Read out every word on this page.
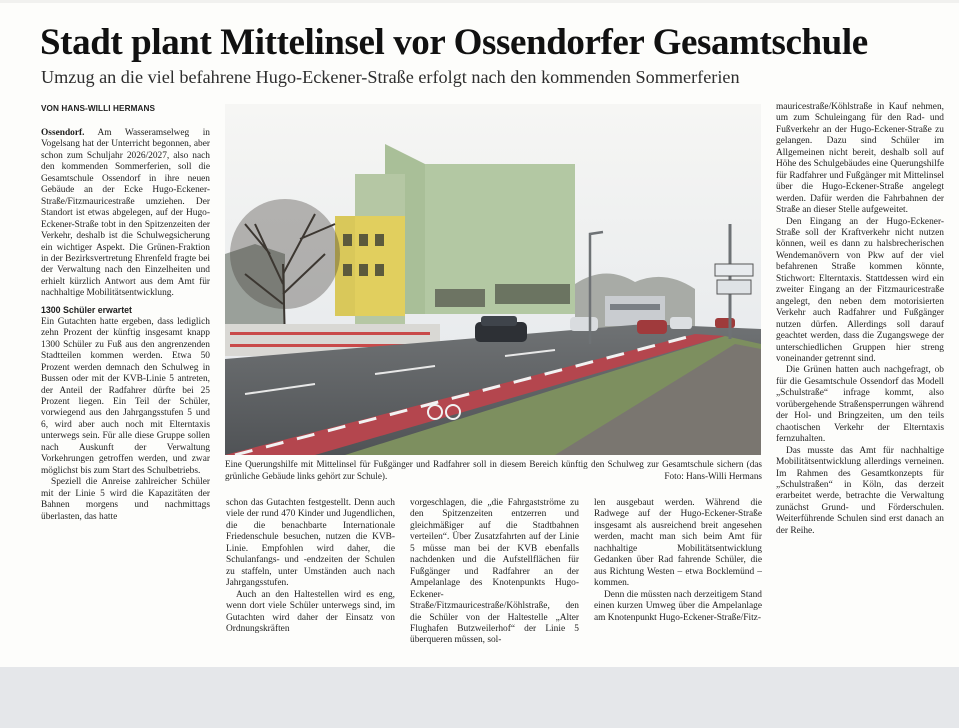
Stadt plant Mittelinsel vor Ossendorfer Gesamtschule
Umzug an die viel befahrene Hugo-Eckener-Straße erfolgt nach den kommenden Sommerferien
VON HANS-WILLI HERMANS

Ossendorf. Am Wasseramselweg in Vogelsang hat der Unterricht begonnen, aber schon zum Schuljahr 2026/2027, also nach den kommenden Sommerferien, soll die Gesamtschule Ossendorf in ihre neuen Gebäude an der Ecke Hugo-Eckener-Straße/Fitzmauricestraße umziehen. Der Standort ist etwas abgelegen, auf der Hugo-Eckener-Straße tobt in den Spitzenzeiten der Verkehr, deshalb ist die Schulwegsicherung ein wichtiger Aspekt. Die Grünen-Fraktion in der Bezirksvertretung Ehrenfeld fragte bei der Verwaltung nach den Einzelheiten und erhielt kürzlich Antwort aus dem Amt für nachhaltige Mobilitätsentwicklung.

1300 Schüler erwartet

Ein Gutachten hatte ergeben, dass lediglich zehn Prozent der künftig insgesamt knapp 1300 Schüler zu Fuß aus den angrenzenden Stadtteilen kommen werden. Etwa 50 Prozent werden demnach den Schulweg in Bussen oder mit der KVB-Linie 5 antreten, der Anteil der Radfahrer dürfte bei 25 Prozent liegen. Ein Teil der Schüler, vorwiegend aus den Jahrgangsstufen 5 und 6, wird aber auch noch mit Elterntaxis unterwegs sein. Für alle diese Gruppe sollen nach Auskunft der Verwaltung Vorkehrungen getroffen werden, und zwar möglichst bis zum Start des Schulbetriebs.

Speziell die Anreise zahlreicher Schüler mit der Linie 5 wird die Kapazitäten der Bahnen morgens und nachmittags überlasten, das hatte

Eine Querungshilfe mit Mittelinsel für Fußgänger und Radfahrer soll in diesem Bereich künftig den Schulweg zur Gesamtschule sichern (das grünliche Gebäude links gehört zur Schule).	Foto: Hans-Willi Hermans

schon das Gutachten festgestellt. Denn auch viele der rund 470 Kinder und Jugendlichen, die die benachbarte Internationale Friedenschule besuchen, nutzen die KVB-Linie. Empfohlen wird daher, die Schulanfangs- und -endzeiten der Schulen zu staffeln, unter Umständen auch nach Jahrgangsstufen.

Auch an den Haltestellen wird es eng, wenn dort viele Schüler unterwegs sind, im Gutachten wird daher der Einsatz von Ordnungskräften

vorgeschlagen, die „die Fahrgastströme zu den Spitzenzeiten entzerren und gleichmäßiger auf die Stadtbahnen verteilen“. Über Zusatzfahrten auf der Linie 5 müsse man bei der KVB ebenfalls nachdenken und die Aufstellflächen für Fußgänger und Radfahrer an der Ampelanlage des Knotenpunkts Hugo-Eckener-Straße/Fitzmauricestraße/Köhlstraße, den die Schüler von der Haltestelle „Alter Flughafen Butzweilerhof“ der Linie 5 überqueren müssen, sol-

len ausgebaut werden. Während die Radwege auf der Hugo-Eckener-Straße insgesamt als ausreichend breit angesehen werden, macht man sich beim Amt für nachhaltige Mobilitätsentwicklung Gedanken über Rad fahrende Schüler, die aus Richtung Westen – etwa Bocklemünd – kommen.

Denn die müssten nach derzeitigem Stand einen kurzen Umweg über die Ampelanlage am Knotenpunkt Hugo-Eckener-Straße/Fitz-

mauricestraße/Köhlstraße in Kauf nehmen, um zum Schuleingang für den Rad- und Fußverkehr an der Hugo-Eckener-Straße zu gelangen. Dazu sind Schüler im Allgemeinen nicht bereit, deshalb soll auf Höhe des Schulgebäudes eine Querungshilfe für Radfahrer und Fußgänger mit Mittelinsel über die Hugo-Eckener-Straße angelegt werden. Dafür werden die Fahrbahnen der Straße an dieser Stelle aufgeweitet.

Den Eingang an der Hugo-Eckener-Straße soll der Kraftverkehr nicht nutzen können, weil es dann zu halsbrecherischen Wendemanövern von Pkw auf der viel befahrenen Straße kommen könnte, Stichwort: Elterntaxis. Stattdessen wird ein zweiter Eingang an der Fitzmauricestraße angelegt, den neben dem motorisierten Verkehr auch Radfahrer und Fußgänger nutzen dürfen. Allerdings soll darauf geachtet werden, dass die Zugangswege der unterschiedlichen Gruppen hier streng voneinander getrennt sind.

Die Grünen hatten auch nachgefragt, ob für die Gesamtschule Ossendorf das Modell „Schulstraße“ infrage kommt, also vorübergehende Straßensperrungen während der Hol- und Bringzeiten, um den teils chaotischen Verkehr der Elterntaxis fernzuhalten.

Das musste das Amt für nachhaltige Mobilitätsentwicklung allerdings verneinen. Im Rahmen des Gesamtkonzepts für „Schulstraßen“ in Köln, das derzeit erarbeitet werde, betrachte die Verwaltung zunächst Grund- und Förderschulen. Weiterführende Schulen sind erst danach an der Reihe.
